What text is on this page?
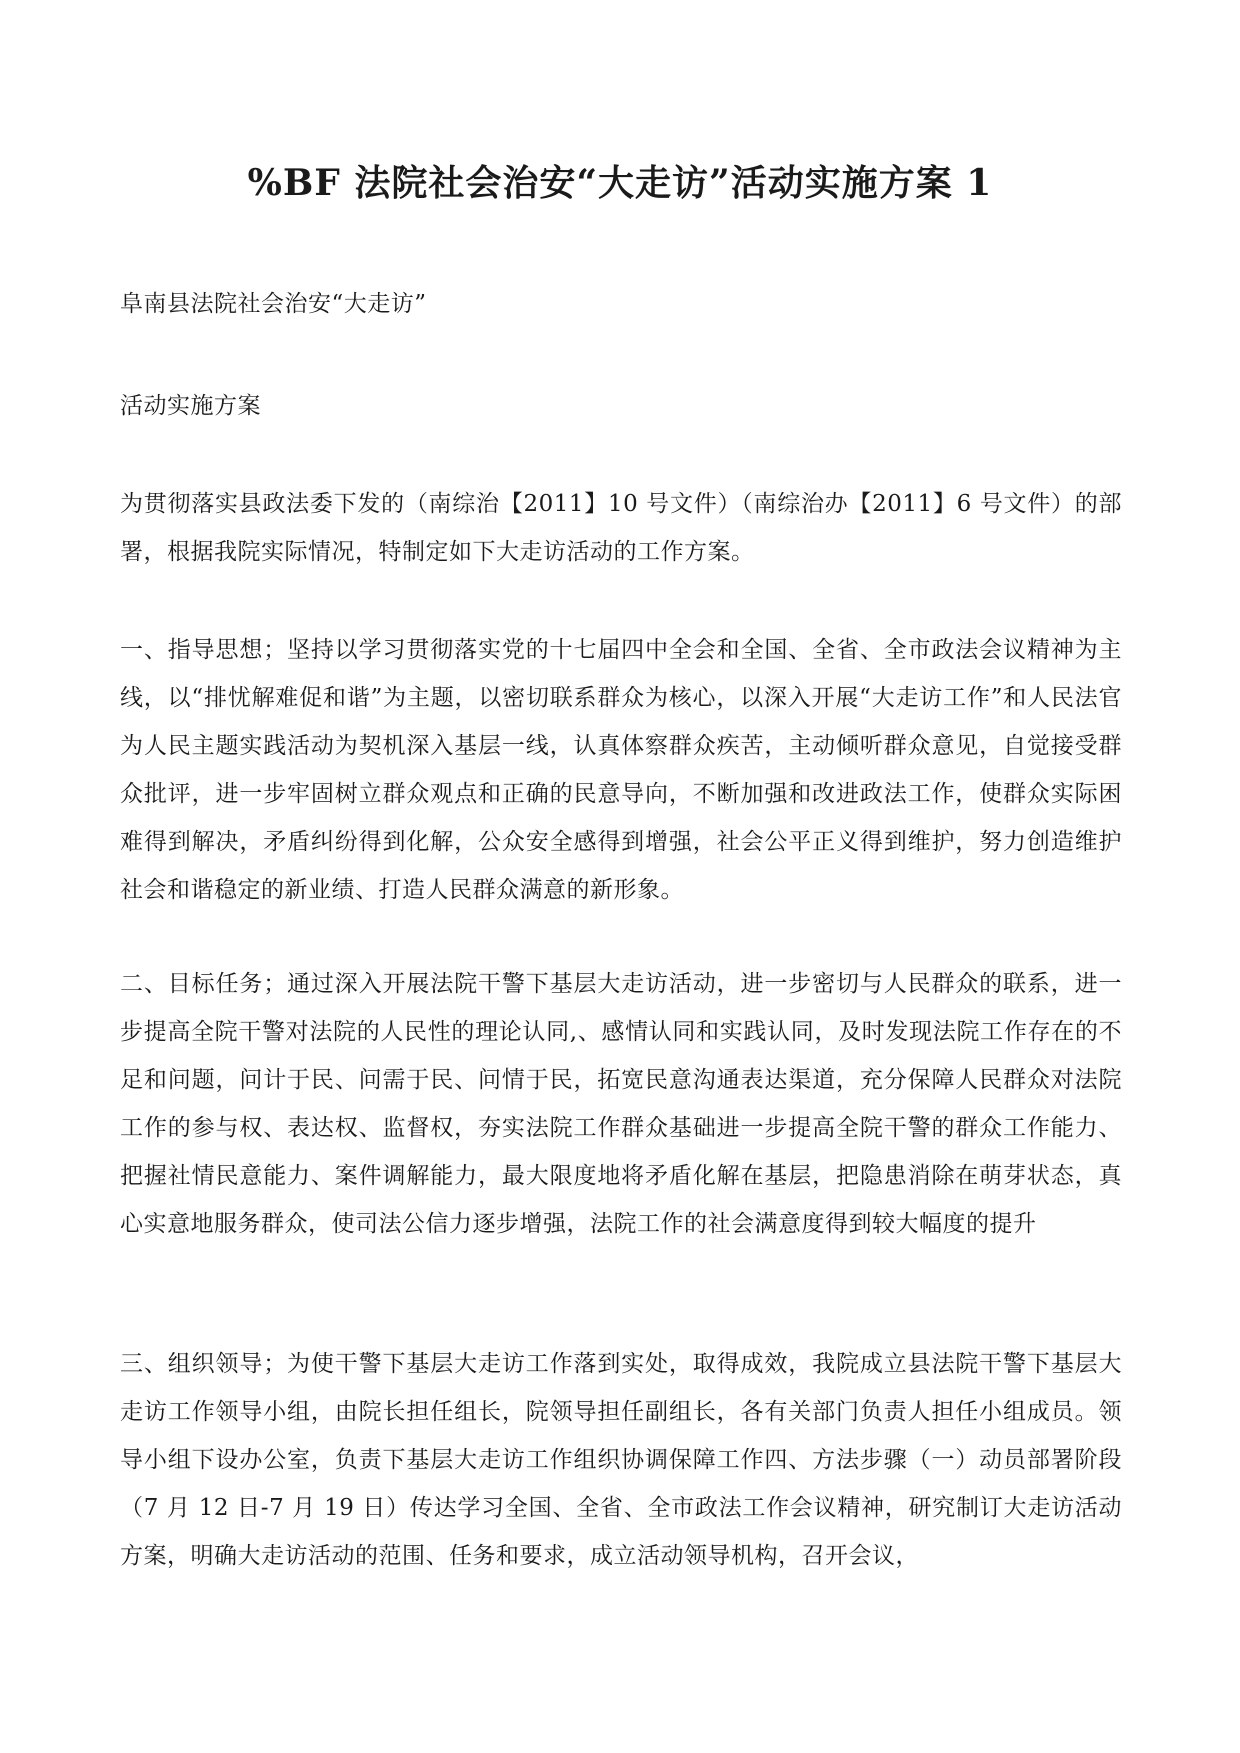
%BF 法院社会治安“大走访”活动实施方案 1

阜南县法院社会治安“大走访”

活动实施方案

为贯彻落实县政法委下发的（南综治【2011】10 号文件）（南综治办【2011】6 号文件）的部署，根据我院实际情况，特制定如下大走访活动的工作方案。

一、指导思想；坚持以学习贯彻落实党的十七届四中全会和全国、全省、全市政法会议精神为主线，以“排忧解难促和谐”为主题，以密切联系群众为核心，以深入开展“大走访工作”和人民法官为人民主题实践活动为契机深入基层一线，认真体察群众疾苦，主动倾听群众意见，自觉接受群众批评，进一步牢固树立群众观点和正确的民意导向，不断加强和改进政法工作，使群众实际困难得到解决，矛盾纠纷得到化解，公众安全感得到增强，社会公平正义得到维护，努力创造维护社会和谐稳定的新业绩、打造人民群众满意的新形象。

二、目标任务；通过深入开展法院干警下基层大走访活动，进一步密切与人民群众的联系，进一步提高全院干警对法院的人民性的理论认同,、感情认同和实践认同，及时发现法院工作存在的不足和问题，问计于民、问需于民、问情于民，拓宽民意沟通表达渠道，充分保障人民群众对法院工作的参与权、表达权、监督权，夯实法院工作群众基础进一步提高全院干警的群众工作能力、把握社情民意能力、案件调解能力，最大限度地将矛盾化解在基层，把隐患消除在萌芽状态，真心实意地服务群众，使司法公信力逐步增强，法院工作的社会满意度得到较大幅度的提升

三、组织领导；为使干警下基层大走访工作落到实处，取得成效，我院成立县法院干警下基层大走访工作领导小组，由院长担任组长，院领导担任副组长，各有关部门负责人担任小组成员。领导小组下设办公室，负责下基层大走访工作组织协调保障工作四、方法步骤（一）动员部署阶段（7 月 12 日-7 月 19 日）传达学习全国、全省、全市政法工作会议精神，研究制订大走访活动方案，明确大走访活动的范围、任务和要求，成立活动领导机构，召开会议，
